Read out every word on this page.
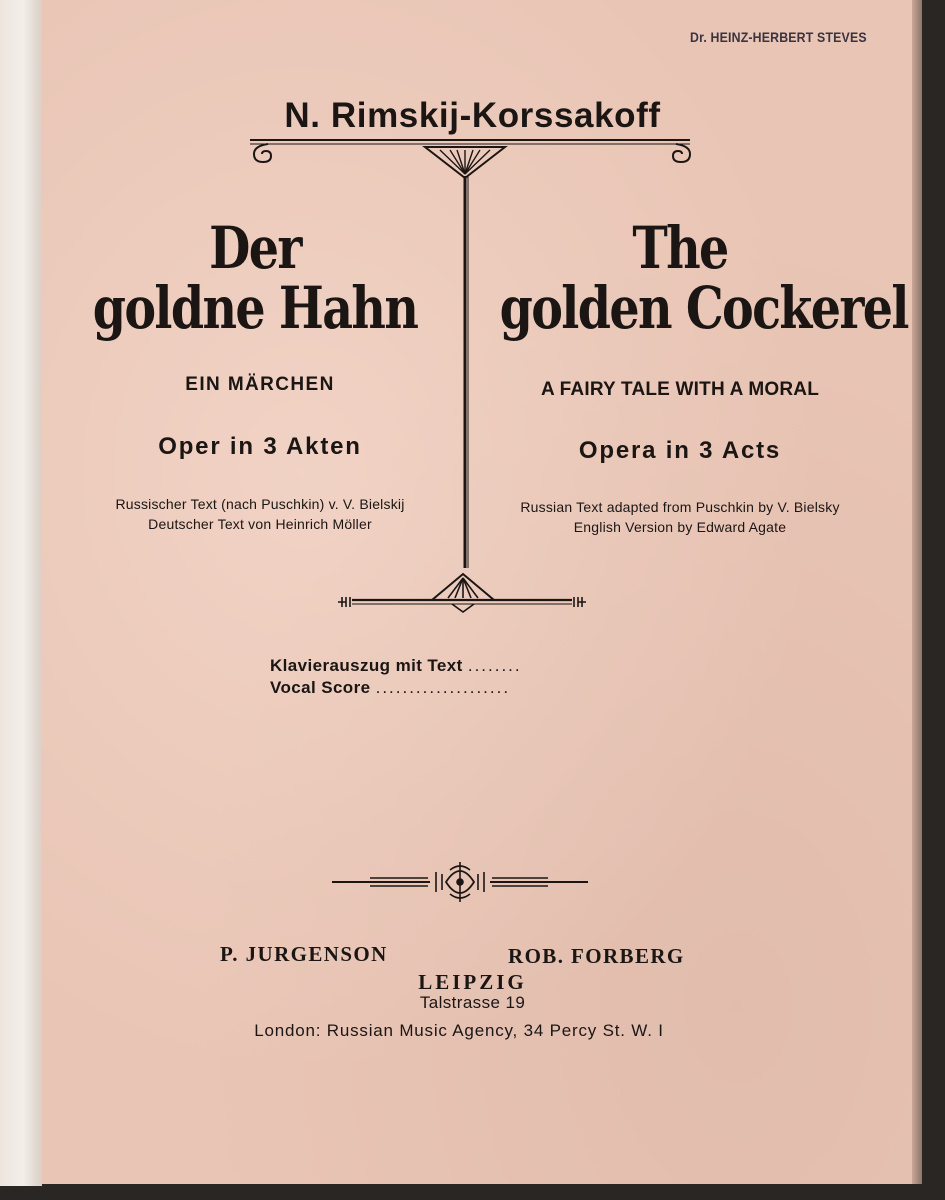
Dr. HEINZ-HERBERT STEVES
N. Rimskij-Korssakoff
Der
goldne Hahn
EIN MÄRCHEN
Oper in 3 Akten
Russischer Text (nach Puschkin) v. V. Bielskij
Deutscher Text von Heinrich Möller
The
golden Cockerel
A FAIRY TALE WITH A MORAL
Opera in 3 Acts
Russian Text adapted from Puschkin by V. Bielsky
English Version by Edward Agate
Klavierauszug mit Text ........
Vocal Score ....................
P. JURGENSON	ROB. FORBERG
LEIPZIG
Talstrasse 19
London: Russian Music Agency, 34 Percy St. W. I
